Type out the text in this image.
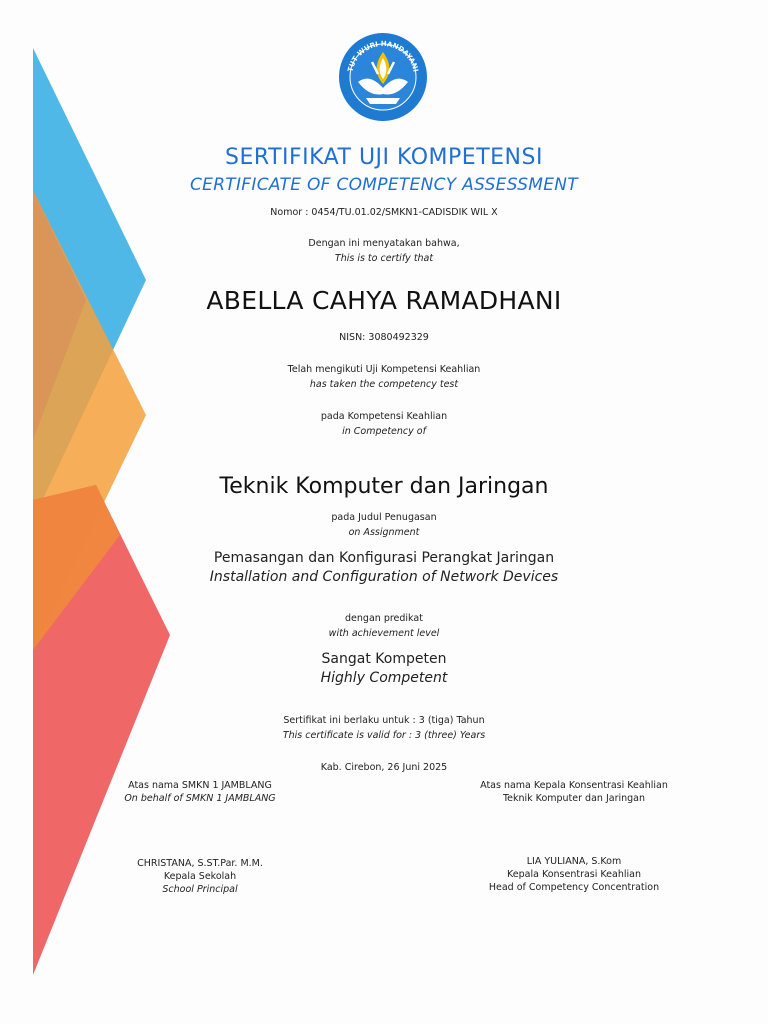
TUT WURI HANDAYANI
SERTIFIKAT UJI KOMPETENSI
CERTIFICATE OF COMPETENCY ASSESSMENT
Nomor : 0454/TU.01.02/SMKN1-CADISDIK WIL X
Dengan ini menyatakan bahwa,
This is to certify that
ABELLA CAHYA RAMADHANI
NISN: 3080492329
Telah mengikuti Uji Kompetensi Keahlian
has taken the competency test
pada Kompetensi Keahlian
in Competency of
Teknik Komputer dan Jaringan
pada Judul Penugasan
on Assignment
Pemasangan dan Konfigurasi Perangkat Jaringan
Installation and Configuration of Network Devices
dengan predikat
with achievement level
Sangat Kompeten
Highly Competent
Sertifikat ini berlaku untuk : 3 (tiga) Tahun
This certificate is valid for : 3 (three) Years
Kab. Cirebon, 26 Juni 2025
Atas nama SMKN 1 JAMBLANG
On behalf of SMKN 1 JAMBLANG
Atas nama Kepala Konsentrasi Keahlian
Teknik Komputer dan Jaringan
CHRISTANA, S.ST.Par. M.M.
Kepala Sekolah
School Principal
LIA YULIANA, S.Kom
Kepala Konsentrasi Keahlian
Head of Competency Concentration
